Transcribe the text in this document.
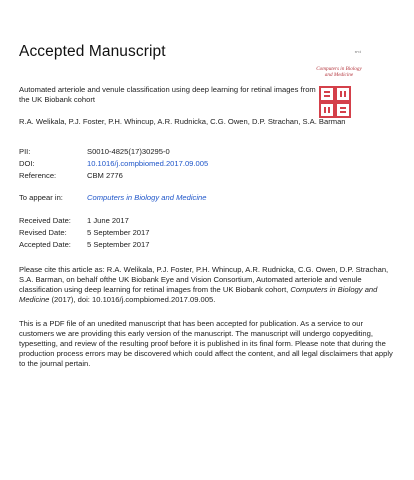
Accepted Manuscript	n-ct
Computers in Biology and Medicine
Automated arteriole and venule classification using deep learning for retinal images from the UK Biobank cohort
R.A. Welikala, P.J. Foster, P.H. Whincup, A.R. Rudnicka, C.G. Owen, D.P. Strachan, S.A. Barman
PII:	S0010-4825(17)30295-0
DOI:	10.1016/j.compbiomed.2017.09.005
Reference:	CBM 2776
To appear in:	Computers in Biology and Medicine
Received Date: 1 June 2017
Revised Date:	5 September 2017
Accepted Date: 5 September 2017
Please cite this article as: R.A. Welikala, P.J. Foster, P.H. Whincup, A.R. Rudnicka, C.G. Owen, D.P. Strachan, S.A. Barman, on behalf ofthe UK Biobank Eye and Vision Consortium, Automated arteriole and venule classification using deep learning for retinal images from the UK Biobank cohort, Computers in Biology and Medicine (2017), doi: 10.1016/j.compbiomed.2017.09.005.
This is a PDF file of an unedited manuscript that has been accepted for publication. As a service to our customers we are providing this early version of the manuscript. The manuscript will undergo copyediting, typesetting, and review of the resulting proof before it is published in its final form. Please note that during the production process errors may be discovered which could affect the content, and all legal disclaimers that apply to the journal pertain.
